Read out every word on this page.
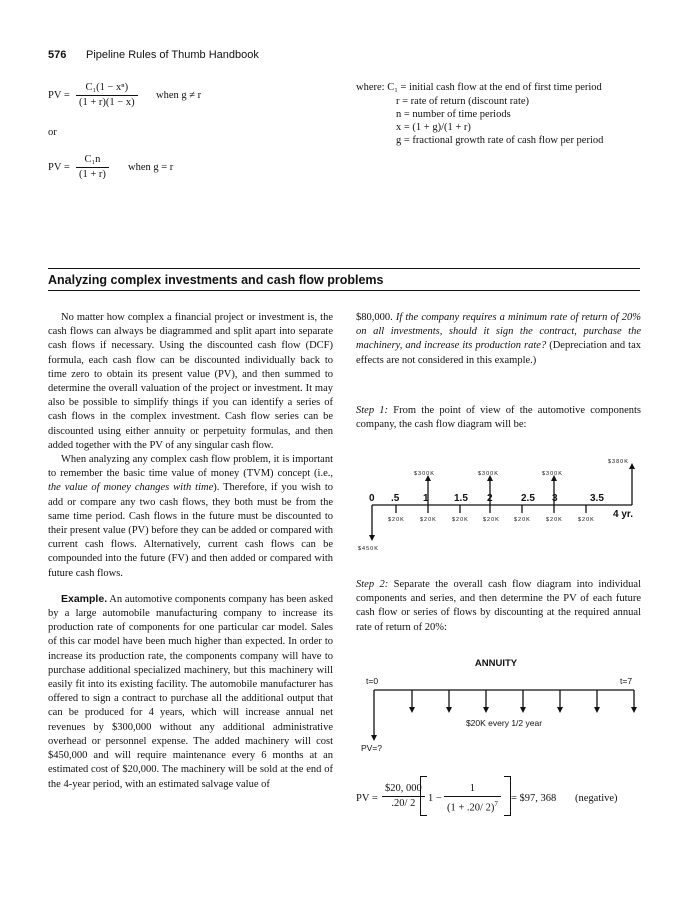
576 Pipeline Rules of Thumb Handbook
PV = $\frac{\text{C₁(1 − xⁿ)}}{(1 + r)(1 - x)}$ when g ≠ r
or
PV = $\frac{\text{C₁n}}{(1 + r)}$ when g = r
where: C₁ = initial cash flow at the end of first time period
r = rate of return (discount rate)
n = number of time periods
x = (1 + g)/(1 + r)
g = fractional growth rate of cash flow per period
Analyzing complex investments and cash flow problems

No matter how complex a financial project or investment is, the cash flows can always be diagrammed and split apart into separate cash flows if necessary. Using the discounted cash flow (DCF) formula, each cash flow can be discounted individually back to time zero to obtain its present value (PV), and then summed to determine the overall valuation of the project or investment. It may also be possible to simplify things if you can identify a series of cash flows in the complex investment. Cash flow series can be discounted using either annuity or perpetuity formulas, and then added together with the PV of any singular cash flow.

When analyzing any complex cash flow problem, it is important to remember the basic time value of money (TVM) concept (i.e., the value of money changes with time). Therefore, if you wish to add or compare any two cash flows, they both must be from the same time period. Cash flows in the future must be discounted to their present value (PV) before they can be added or compared with current cash flows. Alternatively, current cash flows can be compounded into the future (FV) and then added or compared with future cash flows.

Example. An automotive components company has been asked by a large automobile manufacturing company to increase its production rate of components for one particular car model. Sales of this car model have been much higher than expected. In order to increase its production rate, the components company will have to purchase additional specialized machinery, but this machinery will easily fit into its existing facility. The automobile manufacturer has offered to sign a contract to purchase all the additional output that can be produced for 4 years, which will increase annual net revenues by $300,000 without any additional administrative overhead or personnel expense. The added machinery will cost $450,000 and will require maintenance every 6 months at an estimated cost of $20,000. The machinery will be sold at the end of the 4-year period, with an estimated salvage value of

$80,000. If the company requires a minimum rate of return of 20% on all investments, should it sign the contract, purchase the machinery, and increase its production rate? (Depreciation and tax effects are not considered in this example.)

Step 1: From the point of view of the automotive components company, the cash flow diagram will be:

0 .5 1	1.5 2	2.5 3	3.5
4 yr.
$300K	$300K	$300K
$380K
$20K	$20K	$20K	$20K	$20K	$20K	$20K
$450K

Step 2: Separate the overall cash flow diagram into individual components and series, and then determine the PV of each future cash flow or series of flows by discounting at the required annual rate of return of 20%:

ANNUITY
t=0	t=7
$20K every 1/2 year
PV=?
PV = $\frac{\$20, 000}{.20/ 2} 1 - \frac{1}{(1 + .20/ 2)^7}$ = $97, 368 (negative)
